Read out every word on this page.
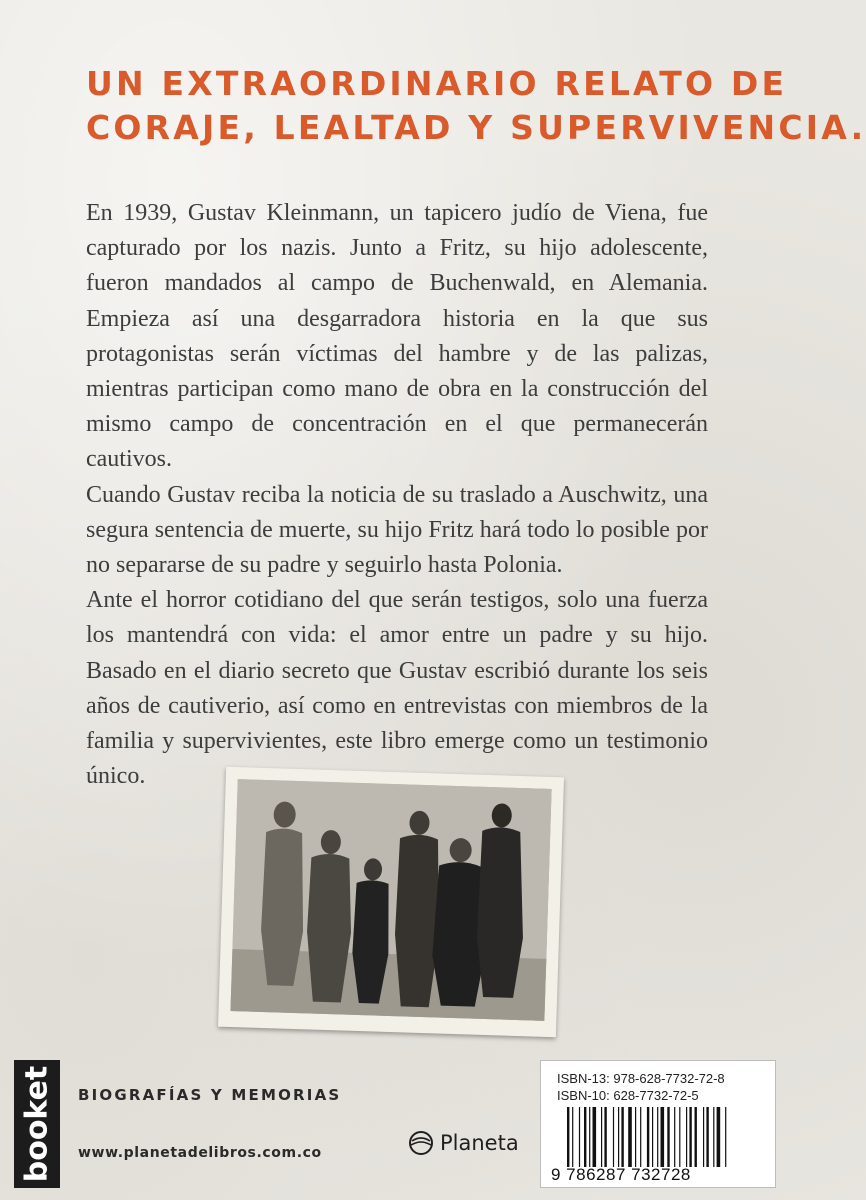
UN EXTRAORDINARIO RELATO DE
CORAJE, LEALTAD Y SUPERVIVENCIA.

En 1939, Gustav Kleinmann, un tapicero judío de Viena, fue capturado por los nazis. Junto a Fritz, su hijo adolescente, fueron mandados al campo de Buchenwald, en Alemania. Empieza así una desgarradora historia en la que sus protagonistas serán víctimas del hambre y de las palizas, mientras participan como mano de obra en la construcción del mismo campo de concentración en el que permanecerán cautivos.

Cuando Gustav reciba la noticia de su traslado a Auschwitz, una segura sentencia de muerte, su hijo Fritz hará todo lo posible por no separarse de su padre y seguirlo hasta Polonia.

Ante el horror cotidiano del que serán testigos, solo una fuerza los mantendrá con vida: el amor entre un padre y su hijo. Basado en el diario secreto que Gustav escribió durante los seis años de cautiverio, así como en entrevistas con miembros de la familia y supervivientes, este libro emerge como un testimonio único.

booket BIOGRAFÍAS Y MEMORIAS
www.planetadelibros.com.co	Planeta
ISBN-13: 978-628-7732-72-8
ISBN-10: 628-7732-72-5
9 786287 732728
